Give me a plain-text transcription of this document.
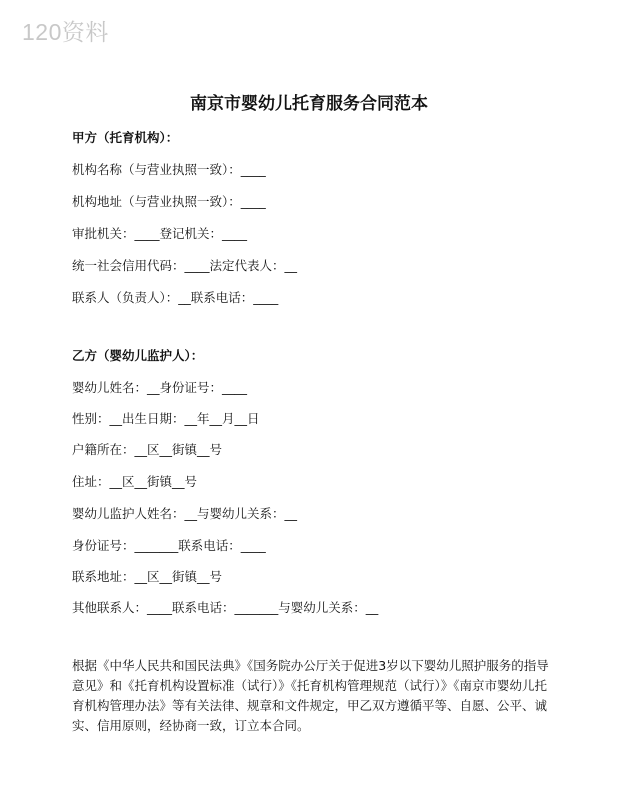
120资料
南京市婴幼儿托育服务合同范本
甲方（托育机构）：
机构名称（与营业执照一致）：____
机构地址（与营业执照一致）：____
审批机关：____登记机关：____
统一社会信用代码：____法定代表人：__
联系人（负责人）：__联系电话：____
乙方（婴幼儿监护人）：
婴幼儿姓名：__身份证号：____
性别：__出生日期：__年__月__日
户籍所在：__区__街镇__号
住址：__区__街镇__号
婴幼儿监护人姓名：__与婴幼儿关系：__
身份证号：_______联系电话：____
联系地址：__区__街镇__号
其他联系人：____联系电话：_______与婴幼儿关系：__
根据《中华人民共和国民法典》《国务院办公厅关于促进3岁以下婴幼儿照护服务的指导意见》和《托育机构设置标准（试行）》《托育机构管理规范（试行）》《南京市婴幼儿托育机构管理办法》等有关法律、规章和文件规定，甲乙双方遵循平等、自愿、公平、诚实、信用原则，经协商一致，订立本合同。
